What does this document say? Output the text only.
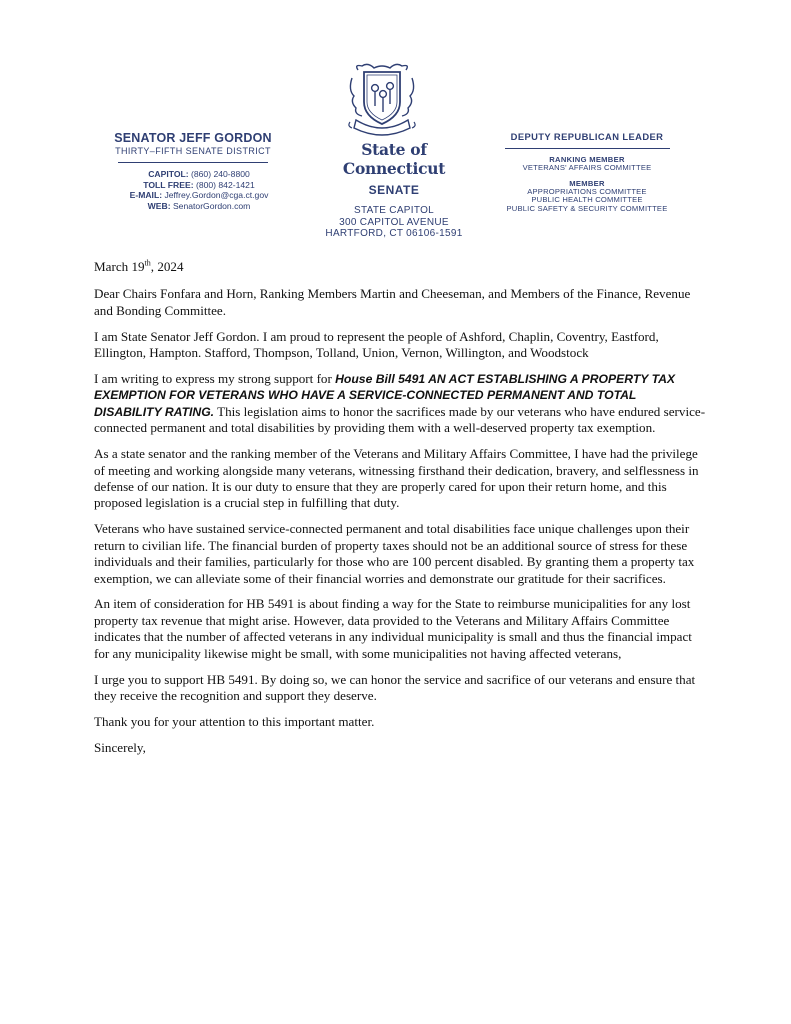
SENATOR JEFF GORDON
THIRTY–FIFTH SENATE DISTRICT
CAPITOL: (860) 240-8800
TOLL FREE: (800) 842-1421
E-MAIL: Jeffrey.Gordon@cga.ct.gov
WEB: SenatorGordon.com
State of Connecticut
SENATE
STATE CAPITOL
300 CAPITOL AVENUE
HARTFORD, CT 06106-1591
DEPUTY REPUBLICAN LEADER
RANKING MEMBER
VETERANS' AFFAIRS COMMITTEE
MEMBER
APPROPRIATIONS COMMITTEE
PUBLIC HEALTH COMMITTEE
PUBLIC SAFETY & SECURITY COMMITTEE

March 19th, 2024

Dear Chairs Fonfara and Horn, Ranking Members Martin and Cheeseman, and Members of the Finance, Revenue and Bonding Committee.

I am State Senator Jeff Gordon. I am proud to represent the people of Ashford, Chaplin, Coventry, Eastford, Ellington, Hampton. Stafford, Thompson, Tolland, Union, Vernon, Willington, and Woodstock

I am writing to express my strong support for House Bill 5491 AN ACT ESTABLISHING A PROPERTY TAX EXEMPTION FOR VETERANS WHO HAVE A SERVICE-CONNECTED PERMANENT AND TOTAL DISABILITY RATING. This legislation aims to honor the sacrifices made by our veterans who have endured service-connected permanent and total disabilities by providing them with a well-deserved property tax exemption.

As a state senator and the ranking member of the Veterans and Military Affairs Committee, I have had the privilege of meeting and working alongside many veterans, witnessing firsthand their dedication, bravery, and selflessness in defense of our nation. It is our duty to ensure that they are properly cared for upon their return home, and this proposed legislation is a crucial step in fulfilling that duty.

Veterans who have sustained service-connected permanent and total disabilities face unique challenges upon their return to civilian life. The financial burden of property taxes should not be an additional source of stress for these individuals and their families, particularly for those who are 100 percent disabled. By granting them a property tax exemption, we can alleviate some of their financial worries and demonstrate our gratitude for their sacrifices.

An item of consideration for HB 5491 is about finding a way for the State to reimburse municipalities for any lost property tax revenue that might arise. However, data provided to the Veterans and Military Affairs Committee indicates that the number of affected veterans in any individual municipality is small and thus the financial impact for any municipality likewise might be small, with some municipalities not having affected veterans,

I urge you to support HB 5491. By doing so, we can honor the service and sacrifice of our veterans and ensure that they receive the recognition and support they deserve.

Thank you for your attention to this important matter.

Sincerely,
